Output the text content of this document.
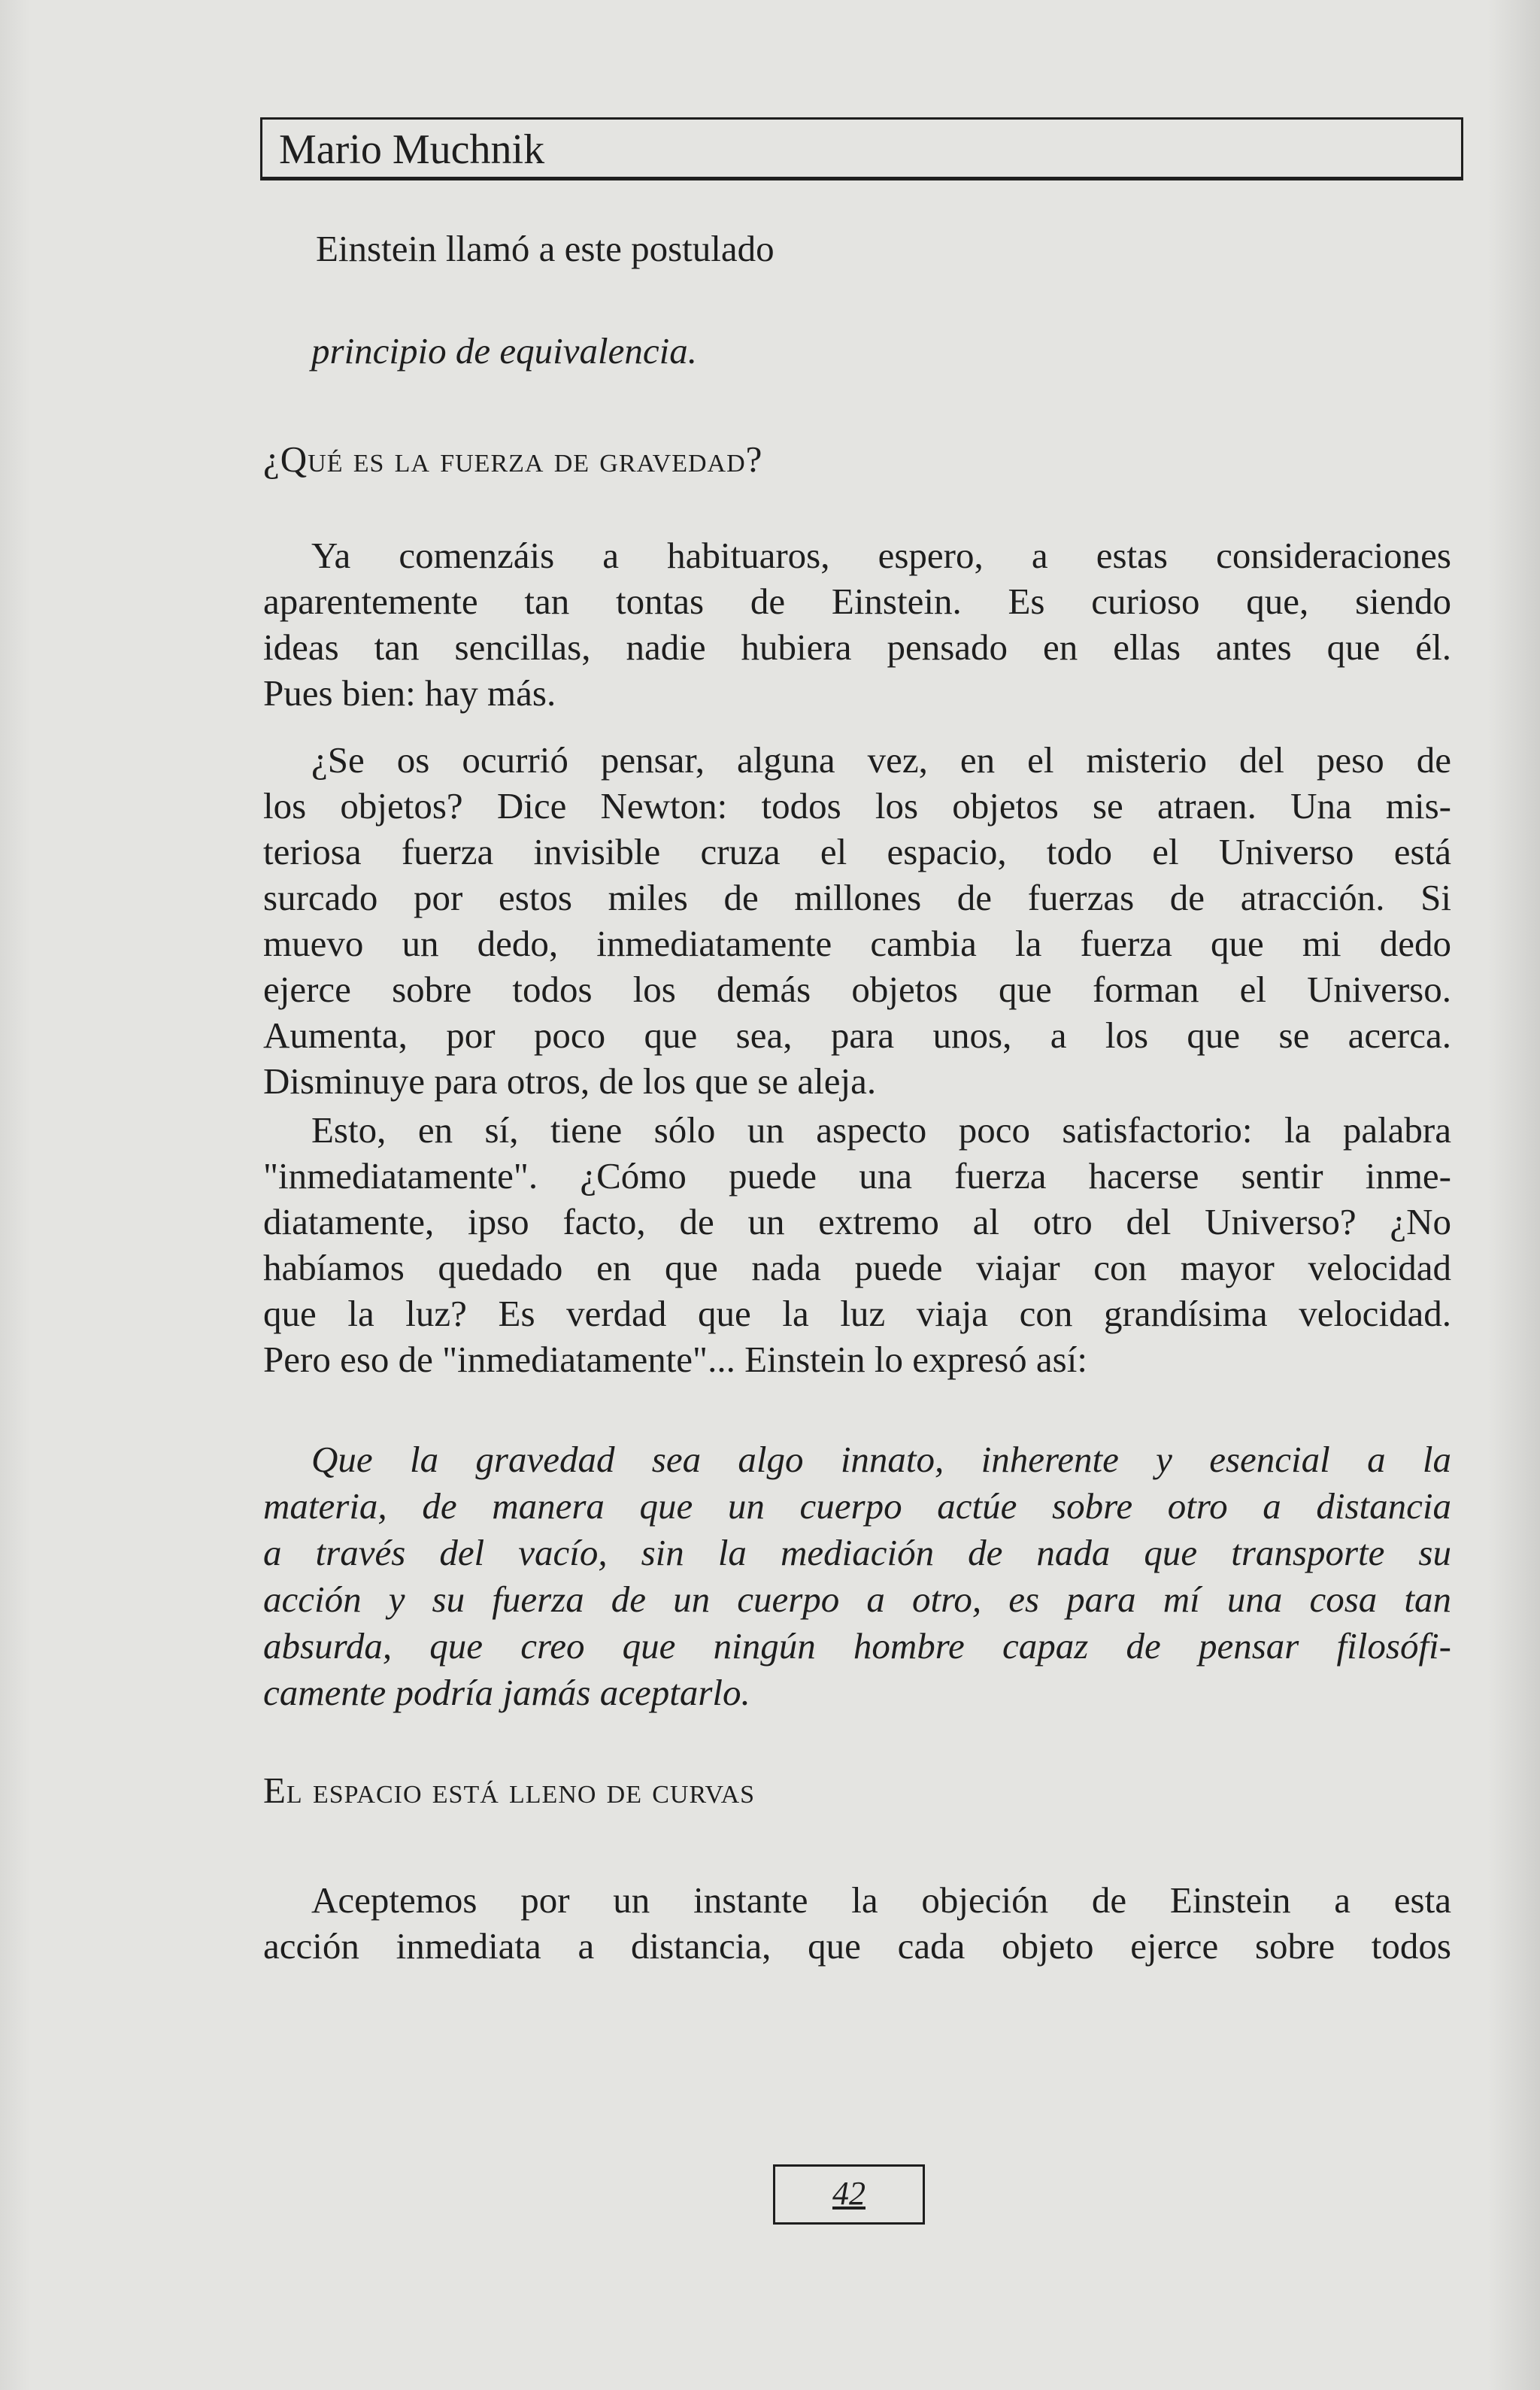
Mario Muchnik
Einstein llamó a este postulado
principio de equivalencia.
¿Qué es la fuerza de gravedad?
Ya comenzáis a habituaros, espero, a estas consideraciones
aparentemente tan tontas de Einstein. Es curioso que, siendo
ideas tan sencillas, nadie hubiera pensado en ellas antes que él.
Pues bien: hay más.
¿Se os ocurrió pensar, alguna vez, en el misterio del peso de
los objetos? Dice Newton: todos los objetos se atraen. Una mis-
teriosa fuerza invisible cruza el espacio, todo el Universo está
surcado por estos miles de millones de fuerzas de atracción. Si
muevo un dedo, inmediatamente cambia la fuerza que mi dedo
ejerce sobre todos los demás objetos que forman el Universo.
Aumenta, por poco que sea, para unos, a los que se acerca.
Disminuye para otros, de los que se aleja.
Esto, en sí, tiene sólo un aspecto poco satisfactorio: la palabra
"inmediatamente". ¿Cómo puede una fuerza hacerse sentir inme-
diatamente, ipso facto, de un extremo al otro del Universo? ¿No
habíamos quedado en que nada puede viajar con mayor velocidad
que la luz? Es verdad que la luz viaja con grandísima velocidad.
Pero eso de "inmediatamente"... Einstein lo expresó así:
Que la gravedad sea algo innato, inherente y esencial a la
materia, de manera que un cuerpo actúe sobre otro a distancia
a través del vacío, sin la mediación de nada que transporte su
acción y su fuerza de un cuerpo a otro, es para mí una cosa tan
absurda, que creo que ningún hombre capaz de pensar filosófi-
camente podría jamás aceptarlo.
El espacio está lleno de curvas
Aceptemos por un instante la objeción de Einstein a esta
acción inmediata a distancia, que cada objeto ejerce sobre todos
42
